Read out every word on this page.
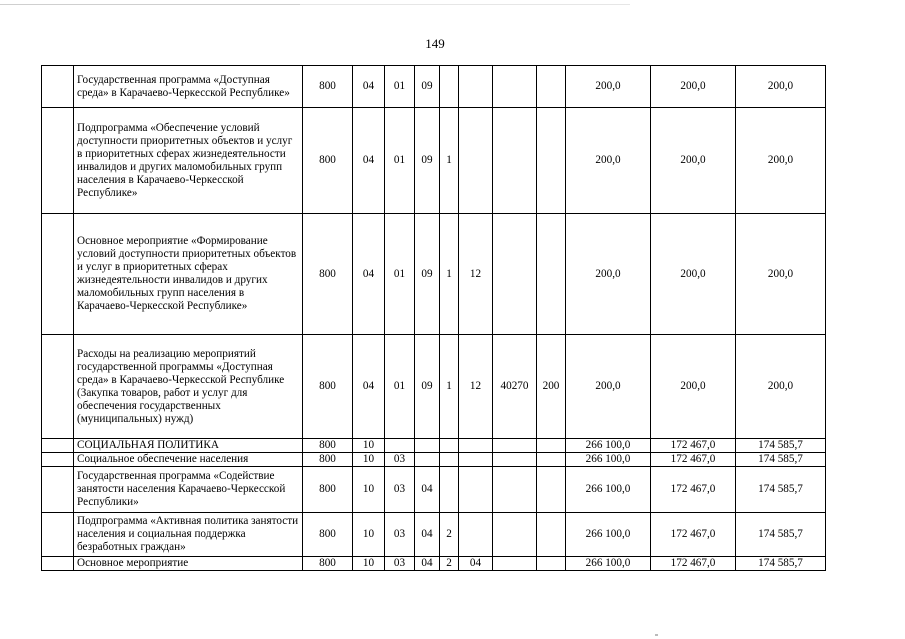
149
	Государственная программа «Доступная среда» в Карачаево-Черкесской Республике»	800	04	01	09					200,0	200,0	200,0
	Подпрограмма «Обеспечение условий доступности приоритетных объектов и услуг в приоритетных сферах жизнедеятельности инвалидов и других маломобильных групп населения в Карачаево-Черкесской Республике»	800	04	01	09	1				200,0	200,0	200,0
	Основное мероприятие «Формирование условий доступности приоритетных объектов и услуг в приоритетных сферах жизнедеятельности инвалидов и других маломобильных групп населения в Карачаево-Черкесской Республике»	800	04	01	09	1	12			200,0	200,0	200,0
	Расходы на реализацию мероприятий государственной программы «Доступная среда» в Карачаево-Черкесской Республике (Закупка товаров, работ и услуг для обеспечения государственных (муниципальных) нужд)	800	04	01	09	1	12	40270	200	200,0	200,0	200,0
	СОЦИАЛЬНАЯ ПОЛИТИКА	800	10							266 100,0	172 467,0	174 585,7
	Социальное обеспечение населения	800	10	03						266 100,0	172 467,0	174 585,7
	Государственная программа «Содействие занятости населения Карачаево-Черкесской Республики»	800	10	03	04					266 100,0	172 467,0	174 585,7
	Подпрограмма «Активная политика занятости населения и социальная поддержка безработных граждан»	800	10	03	04	2				266 100,0	172 467,0	174 585,7
	Основное мероприятие	800	10	03	04	2	04			266 100,0	172 467,0	174 585,7
